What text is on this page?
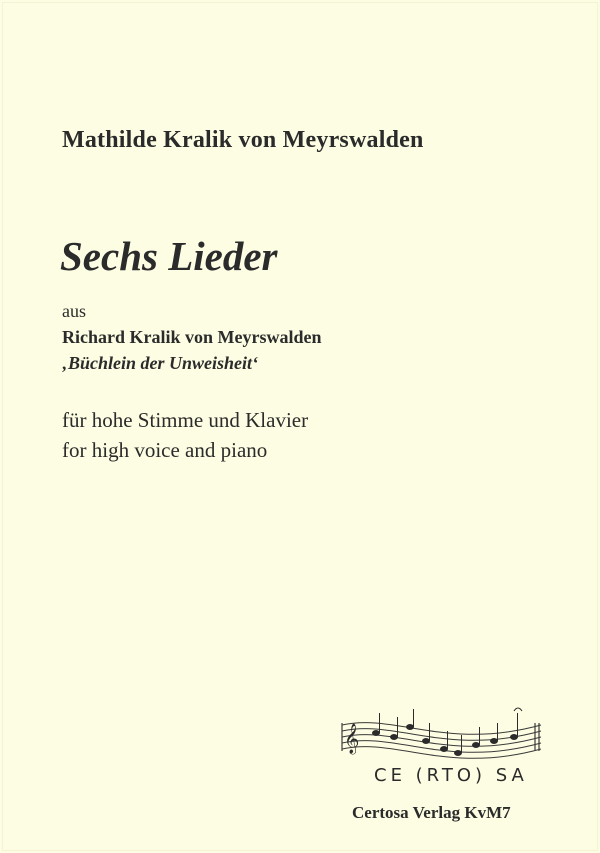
Mathilde Kralik von Meyrswalden
Sechs Lieder
aus
Richard Kralik von Meyrswalden
‚Büchlein der Unweisheit‘
für hohe Stimme und Klavier
for high voice and piano
𝄞
CE (RTO) SA
Certosa Verlag KvM7
